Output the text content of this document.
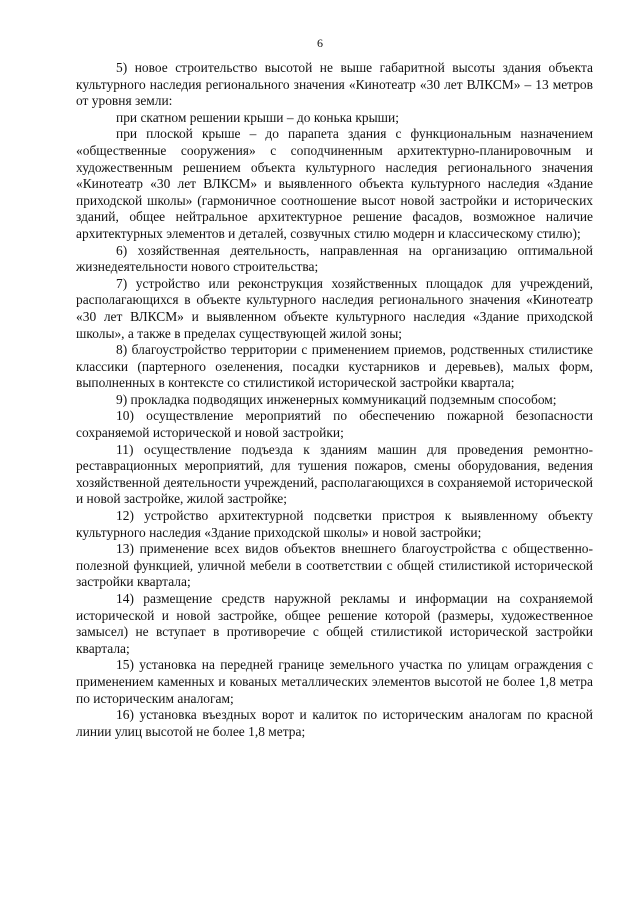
6

5) новое строительство высотой не выше габаритной высоты здания объекта культурного наследия регионального значения «Кинотеатр «30 лет ВЛКСМ» – 13 метров от уровня земли:

при скатном решении крыши – до конька крыши;

при плоской крыше – до парапета здания с функциональным назначением «общественные сооружения» с соподчиненным архитектурно-планировочным и художественным решением объекта культурного наследия регионального значения «Кинотеатр «30 лет ВЛКСМ» и выявленного объекта культурного наследия «Здание приходской школы» (гармоничное соотношение высот новой застройки и исторических зданий, общее нейтральное архитектурное решение фасадов, возможное наличие архитектурных элементов и деталей, созвучных стилю модерн и классическому стилю);

6) хозяйственная деятельность, направленная на организацию оптимальной жизнедеятельности нового строительства;

7) устройство или реконструкция хозяйственных площадок для учреждений, располагающихся в объекте культурного наследия регионального значения «Кинотеатр «30 лет ВЛКСМ» и выявленном объекте культурного наследия «Здание приходской школы», а также в пределах существующей жилой зоны;

8) благоустройство территории с применением приемов, родственных стилистике классики (партерного озеленения, посадки кустарников и деревьев), малых форм, выполненных в контексте со стилистикой исторической застройки квартала;

9) прокладка подводящих инженерных коммуникаций подземным способом;

10) осуществление мероприятий по обеспечению пожарной безопасности сохраняемой исторической и новой застройки;

11) осуществление подъезда к зданиям машин для проведения ремонтно-реставрационных мероприятий, для тушения пожаров, смены оборудования, ведения хозяйственной деятельности учреждений, располагающихся в сохраняемой исторической и новой застройке, жилой застройке;

12) устройство архитектурной подсветки пристроя к выявленному объекту культурного наследия «Здание приходской школы» и новой застройки;

13) применение всех видов объектов внешнего благоустройства с общественно-полезной функцией, уличной мебели в соответствии с общей стилистикой исторической застройки квартала;

14) размещение средств наружной рекламы и информации на сохраняемой исторической и новой застройке, общее решение которой (размеры, художественное замысел) не вступает в противоречие с общей стилистикой исторической застройки квартала;

15) установка на передней границе земельного участка по улицам ограждения с применением каменных и кованых металлических элементов высотой не более 1,8 метра по историческим аналогам;

16) установка въездных ворот и калиток по историческим аналогам по красной линии улиц высотой не более 1,8 метра;
